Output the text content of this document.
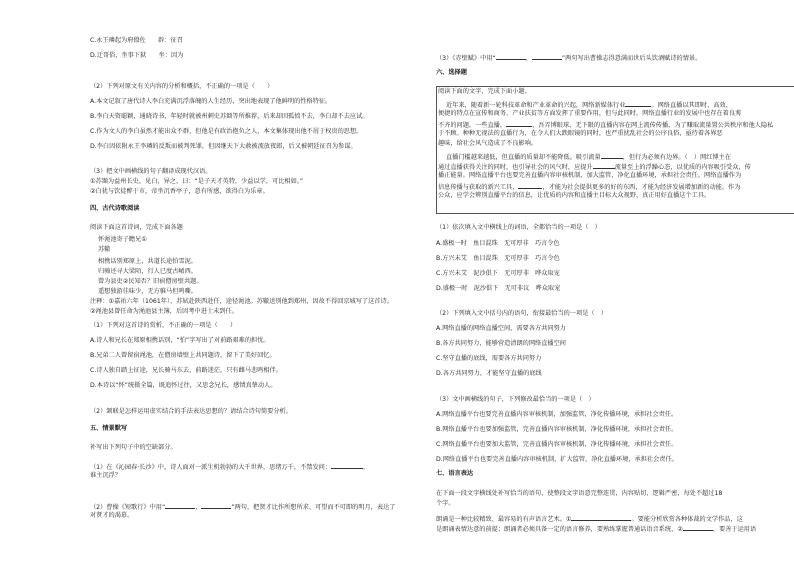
C.永王璘起为府僚佐　　辟：征召
D.迁哥俗，坐事下狱　　坐：因为
（2）下列对原文有关内容的分析和概括，不正确的一项是（　　）
A.本文记叙了唐代诗人李白充满沉浮落魄的人生经历，突出地表现了他鲜明的性格特征。
B.李白天资聪颖，通晓诗书，年轻时就被州刺史苏頲等所推荐，后来却因孤愤不去，李白却不去应试。
C.作为文人的李白虽然才能出众不群，但他是有政治抱负之人，本文集体现出他不屑于权贵的思想。
D.李白因依附永王李璘的反叛而被判死罪，但因继天下大赦被流放夜郎，后又被朝廷征召为参谋。
（3）把文中画横线的句子翻译成现代汉语。
①苏颋为益州长史，见白，异之，曰：“是子天才英特，少益以学，可比相如。”
②白犹与饮徒醉于市，帝坐沉香亭子，意有所感，欲得白为乐章。
四、古代诗歌阅读
阅读下面这首诗词，完成下面各题
怀渑池寄子瞻兄①
苏辙
相携话别郑原上，共道长途怕雪泥。
归骑还寻大梁陌，行人已度古崤西。
曾为县吏②民知否？旧宿僧房壁共题。
遥想独游佳味少，无方骓马但鸣嘶。
注释：①嘉祐六年（1061年），苏轼赴陕西赴任，途径渑池。苏辙送别他到郑州，因故不得回京城写了这首诗。
②渑池县曾任命为渑池县主簿，后因考中进士未到任。
（1）下列对这首诗的赏析，不正确的一项是（　　）
A.诗人和兄长在郑原相携话别，“怕”字写出了对前路艰难的担忧。
B.兄弟二人曾留宿渑池，在僧房墙壁上共同题诗，留下了美好回忆。
C.诗人独自踏上征途，兄长骑马东去，前路迷茫，只有雌马悲鸣相伴。
D.本诗以“怀”统摄全篇，既追怀过往，又思念兄长，感情真挚动人。
（2）颔联是怎样运用虚实结合的手法表达思想的？请结合诗句简要分析。
五、情景默写
补写出下列句子中的空缺部分。
（1）在《沁园春·长沙》中，诗人面对一派生机勃勃的大千世界，思绪万千，不禁发问：	，
谁主沉浮？
（2）曹操《短歌行》中用“	，	”两句，把贤才比作所想所求、可望而不可即的明月，表达了
对贤才的渴慕。
（3）《赤壁赋》中用“	，	”两句写出曹操志得意满而世后头饮酒赋诗的情景。
六、选择题
阅读下面的文字，完成下面小题。
近年来，随着新一轮科技革命和产业革命的兴起，网络新媒体行业	。网络直播以其即时、高效、
便捷的特点在宣传和商务、产业扶贫等方面发挥了重要作用，但与此同时，网络直播行业的发展中也存在着良莠
不齐的问题。一些直播，	，吾弄博眼球，无下限的直播内容在网上流传传播，为了赚取流量置公共秩序和他人隐私
于不顾。种种无视法的直播行为，在令人们大跌眼镜的同时，也严重扰乱社会的公序良俗，亟待着各界恶
趣味，给社会风气造成了不良影响。
直播门槛越来越低，但直播的质量却不能降低。吸引流量	，但行为必须有边界。（　）网红博主在
通过直播获得关注的同时，也引导社会的风气时，应提升	流量至上的浮躁心态，以优质的内容吸引受众，传
播正能量。网络直播平台也要完善直播内容审核机制，加大监管，净化直播环境，承担社会责任。网络直播作为
信息传播与获取的新兴工具，	，才能为社会提供更多的好的东西，才能为经济发展增加新的动能。作为
公众，应学会辨别直播平台的信息，让优质的内容和直播主目标大众视野，真正用好直播这个工具。
（1）依次填入文中横线上的词语，全都恰当的一项是（　）
A.盛极一时　鱼目混珠　无可厚非　巧言令色
B.方兴未艾　鱼目混珠　无可厚非　巧言令色
C.方兴未艾　泥沙俱下　无可厚非　哗众取宠
D.盛极一时　泥沙俱下　无可非议　哗众取宠
（2）下列填入文中括号内的语句，衔接最恰当的一项是（　）
A.网络直播的网络直播空间，需要各方共同努力
B.各方共同努力，能够营造清朗的网络直播空间
C.坚守直播的底线，需要各方共同努力
D.各方共同努力，才能坚守直播的底线
（3）文中画横线的句子，下列修改最恰当的一项是（　）
A.网络直播平台也要完善直播内容审核机制，加强监管，净化传播环境，承担社会责任。
B.网络直播平台也要加强监管，完善直播内容审核机制，净化传播环境，承担社会责任。
C.网络直播平台也要加大监管，完善直播内容审核机制，净化传播环境，承担社会责任。
D.网络直播平台也要完善直播内容审核机制，扩大监管，净化直播环境，承担社会责任。
七、语言表达
在下面一段文字横线处补写恰当的语句，使整段文字语意完整连贯，内容贴切，逻辑严密，每处不超过18
个字。
朗诵是一种比较精致、最容易的有声语言艺术。①	。要能分析欣赏各种体裁的文学作品，这
是朗诵表情达意的前提；朗诵者必须具备一定的语言修养，要熟练掌握普通话语音系统，②	，要善于运用语
